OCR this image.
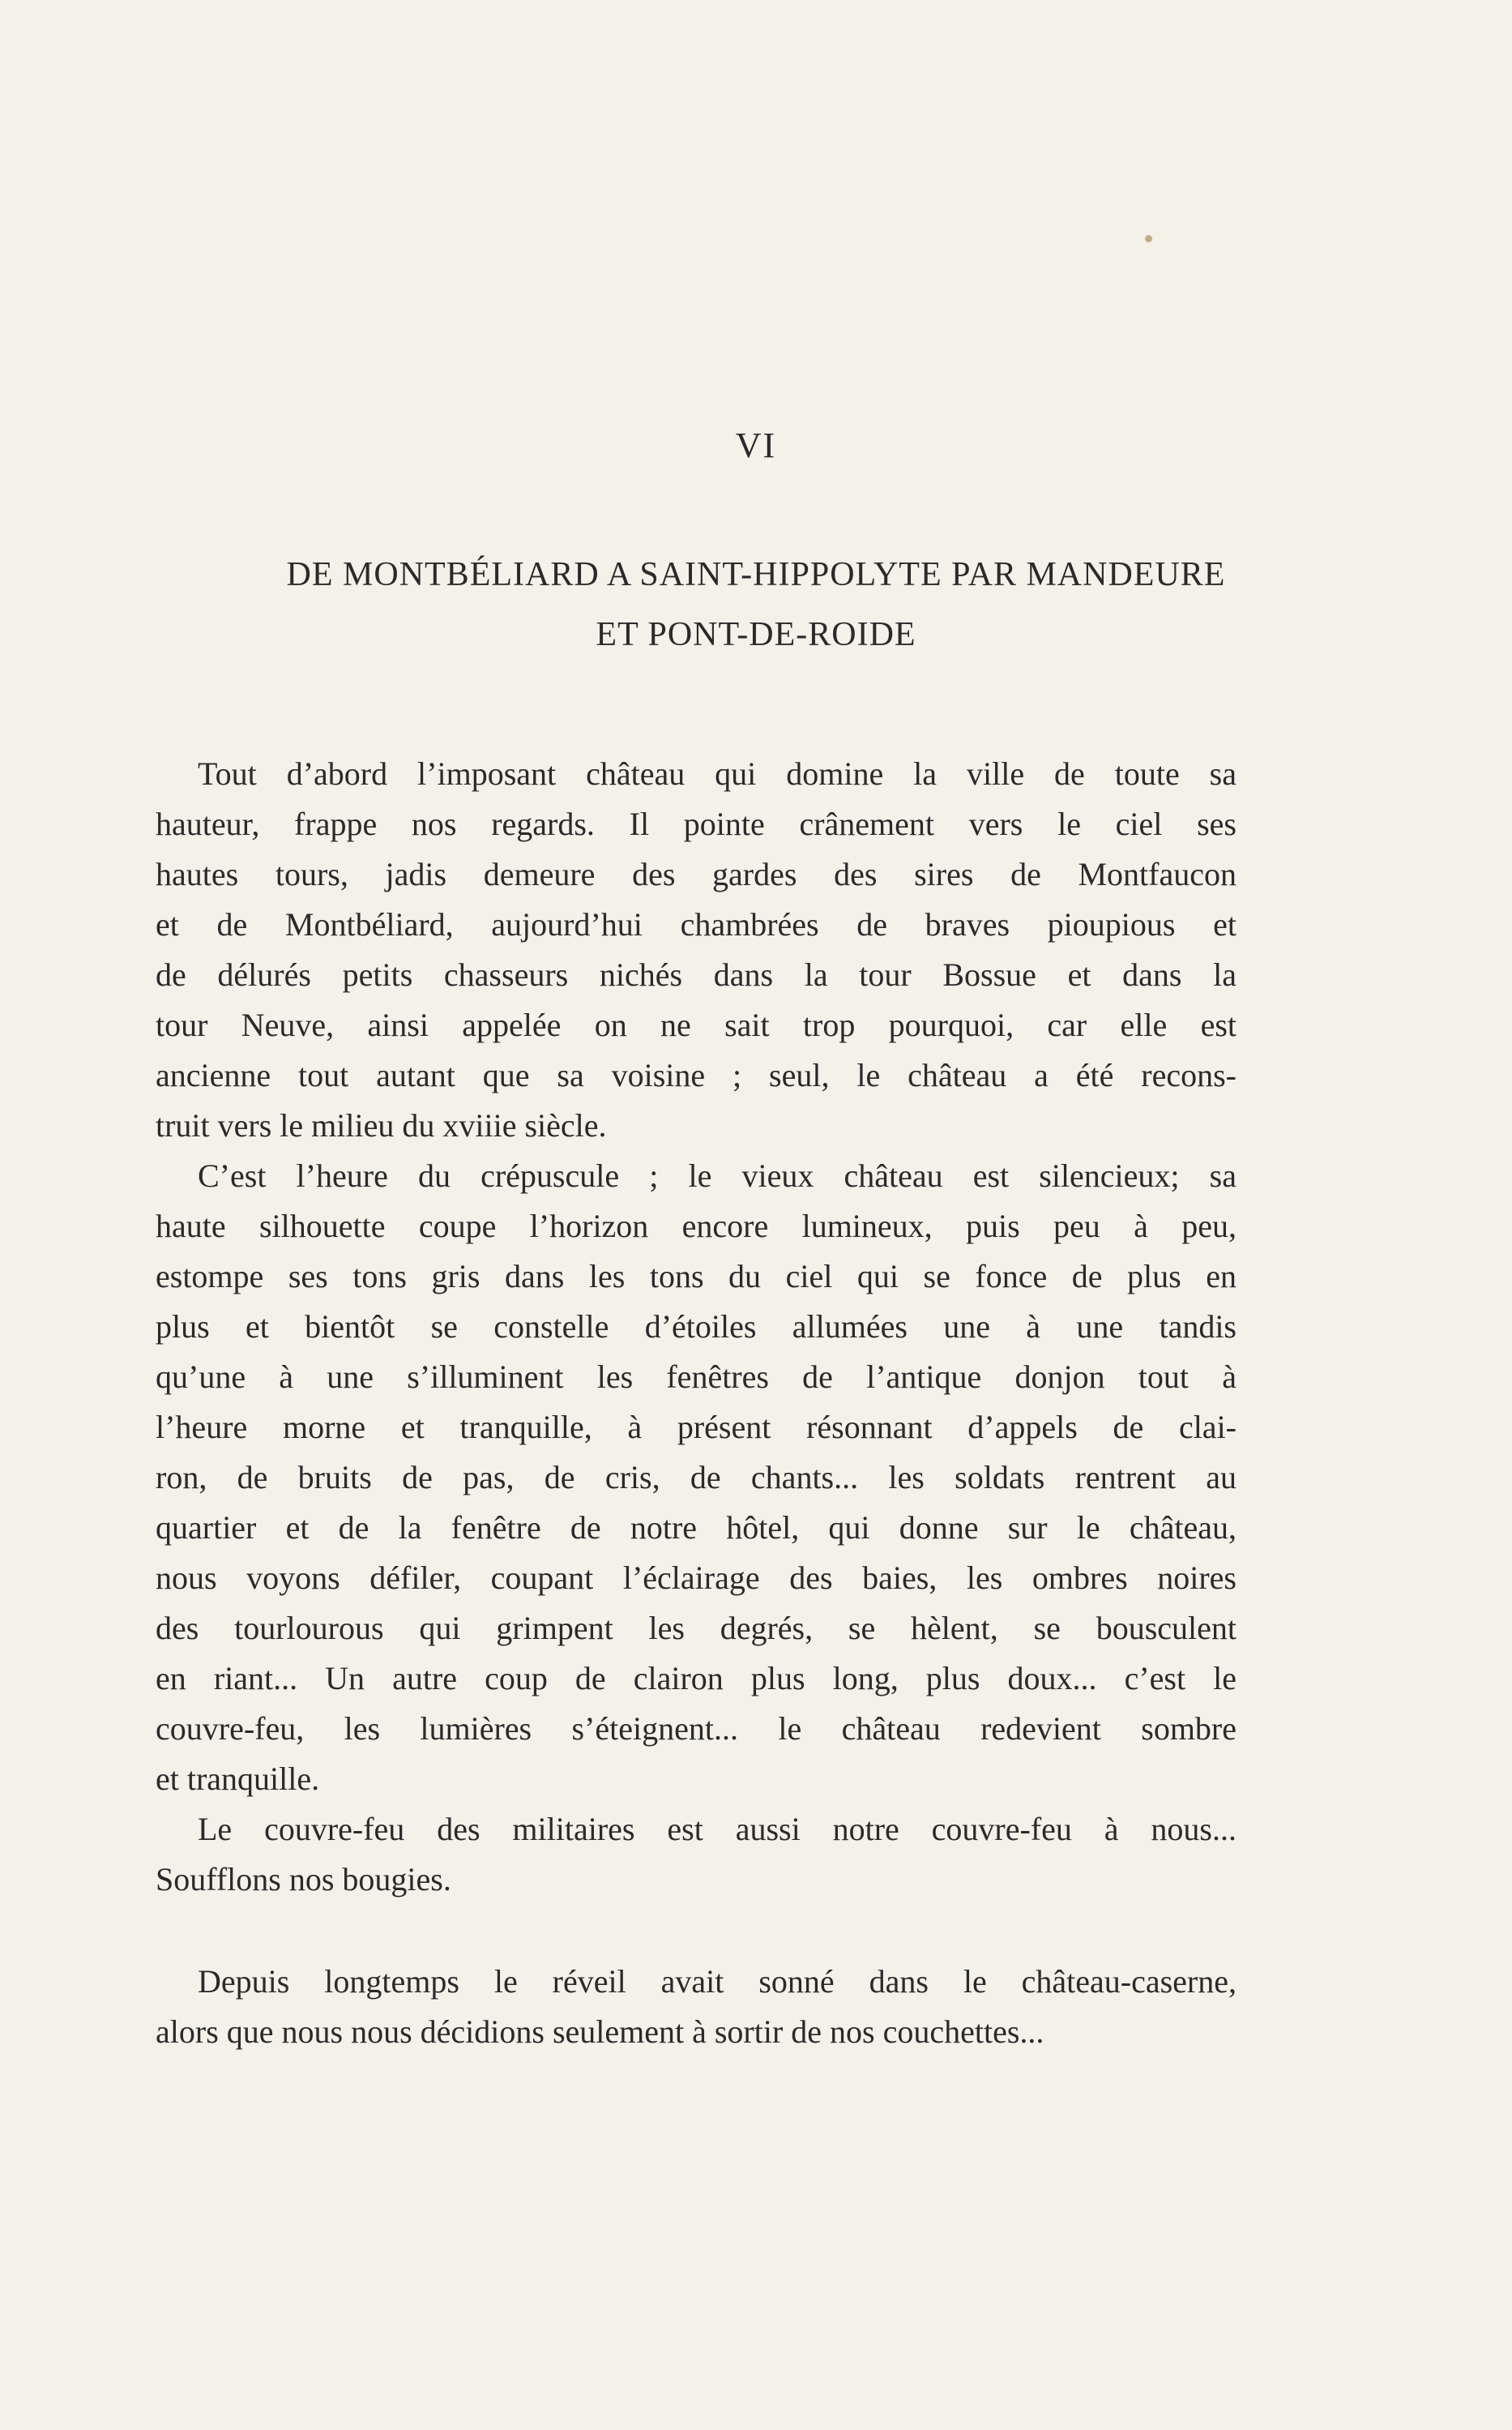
VI
DE MONTBÉLIARD A SAINT-HIPPOLYTE PAR MANDEURE
ET PONT-DE-ROIDE
Tout d’abord l’imposant château qui domine la ville de toute sa
hauteur, frappe nos regards. Il pointe crânement vers le ciel ses
hautes tours, jadis demeure des gardes des sires de Montfaucon
et de Montbéliard, aujourd’hui chambrées de braves pioupious et
de délurés petits chasseurs nichés dans la tour Bossue et dans la
tour Neuve, ainsi appelée on ne sait trop pourquoi, car elle est
ancienne tout autant que sa voisine ; seul, le château a été recons-
truit vers le milieu du xviiie siècle.
C’est l’heure du crépuscule ; le vieux château est silencieux; sa
haute silhouette coupe l’horizon encore lumineux, puis peu à peu,
estompe ses tons gris dans les tons du ciel qui se fonce de plus en
plus et bientôt se constelle d’étoiles allumées une à une tandis
qu’une à une s’illuminent les fenêtres de l’antique donjon tout à
l’heure morne et tranquille, à présent résonnant d’appels de clai-
ron, de bruits de pas, de cris, de chants... les soldats rentrent au
quartier et de la fenêtre de notre hôtel, qui donne sur le château,
nous voyons défiler, coupant l’éclairage des baies, les ombres noires
des tourlourous qui grimpent les degrés, se hèlent, se bousculent
en riant... Un autre coup de clairon plus long, plus doux... c’est le
couvre-feu, les lumières s’éteignent... le château redevient sombre
et tranquille.
Le couvre-feu des militaires est aussi notre couvre-feu à nous...
Soufflons nos bougies.
Depuis longtemps le réveil avait sonné dans le château-caserne,
alors que nous nous décidions seulement à sortir de nos couchettes...
